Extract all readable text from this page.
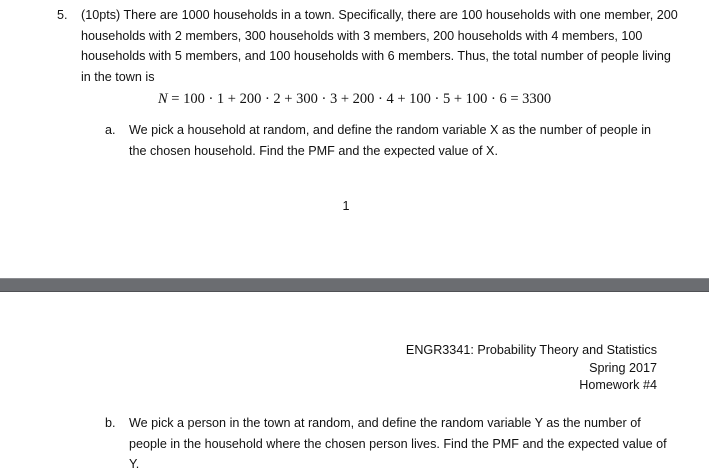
5. (10pts) There are 1000 households in a town. Specifically, there are 100 households with one member, 200 households with 2 members, 300 households with 3 members, 200 households with 4 members, 100 households with 5 members, and 100 households with 6 members. Thus, the total number of people living in the town is

N = 100 · 1 + 200 · 2 + 300 · 3 + 200 · 4 + 100 · 5 + 100 · 6 = 3300
a. We pick a household at random, and define the random variable X as the number of people in the chosen household. Find the PMF and the expected value of X.

1
ENGR3341: Probability Theory and Statistics
Spring 2017
Homework #4
b. We pick a person in the town at random, and define the random variable Y as the number of people in the household where the chosen person lives. Find the PMF and the expected value of Y.
